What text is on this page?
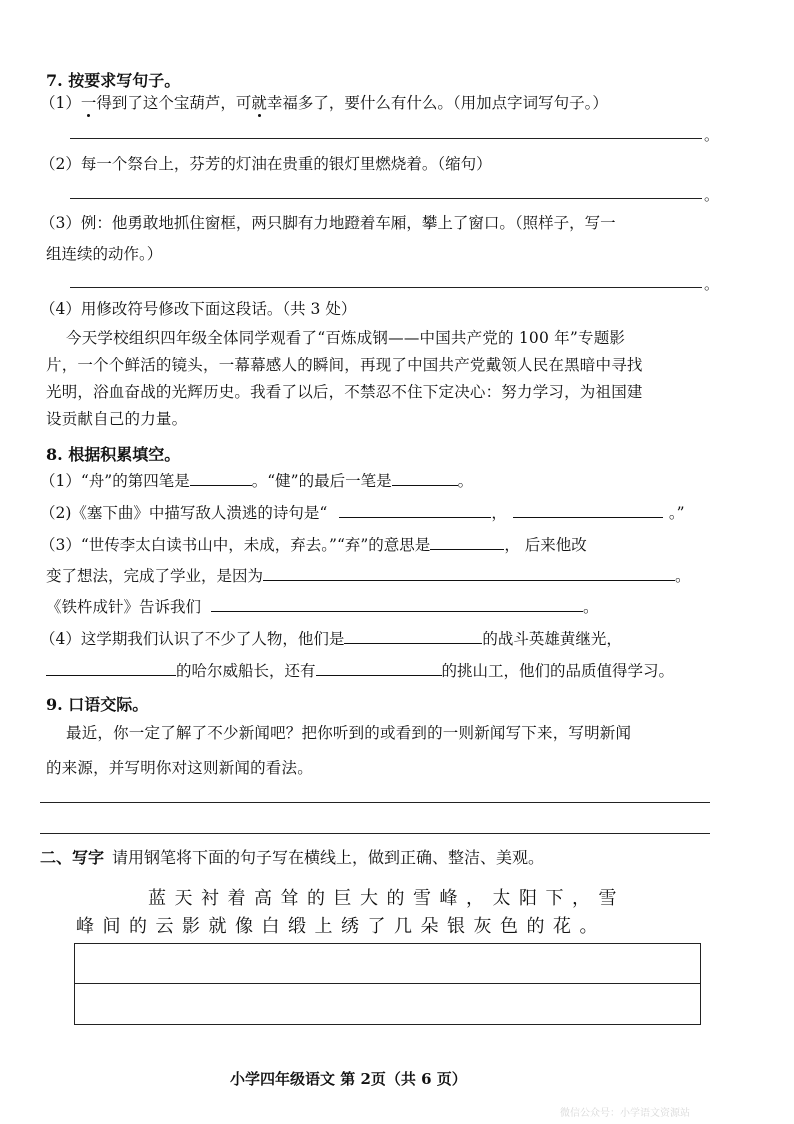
7. 按要求写句子。
（1）一得到了这个宝葫芦，可就幸福多了，要什么有什么。（用加点字词写句子。）
。
（2）每一个祭台上，芬芳的灯油在贵重的银灯里燃烧着。（缩句）
。
（3）例：他勇敢地抓住窗框，两只脚有力地蹬着车厢，攀上了窗口。（照样子，写一
组连续的动作。）
。
（4）用修改符号修改下面这段话。（共 3 处）
今天学校组织四年级全体同学观看了“百炼成钢——中国共产党的 100 年”专题影
片，一个个鲜活的镜头，一幕幕感人的瞬间，再现了中国共产党戴领人民在黑暗中寻找
光明，浴血奋战的光辉历史。我看了以后，不禁忍不住下定决心：努力学习，为祖国建
设贡献自己的力量。
8. 根据积累填空。
（1）“舟”的第四笔是	。“健”的最后一笔是	。
（2)《塞下曲》中描写敌人溃逃的诗句是“	，	。”
（3）“世传李太白读书山中，未成，弃去。”“弃”的意思是	， 后来他改
变了想法，完成了学业，是因为	。
《铁杵成针》告诉我们	。
（4）这学期我们认识了不少了人物，他们是	的战斗英雄黄继光，
的哈尔威船长，还有	的挑山工，他们的品质值得学习。
9. 口语交际。
最近，你一定了解了不少新闻吧？把你听到的或看到的一则新闻写下来，写明新闻
的来源，并写明你对这则新闻的看法。
二、写字 请用钢笔将下面的句子写在横线上，做到正确、整洁、美观。
蓝天衬着高耸的巨大的雪峰，太阳下，雪
峰间的云影就像白缎上绣了几朵银灰色的花。
小学四年级语文 第 2页（共 6 页）
微信公众号：小学语文资源站
